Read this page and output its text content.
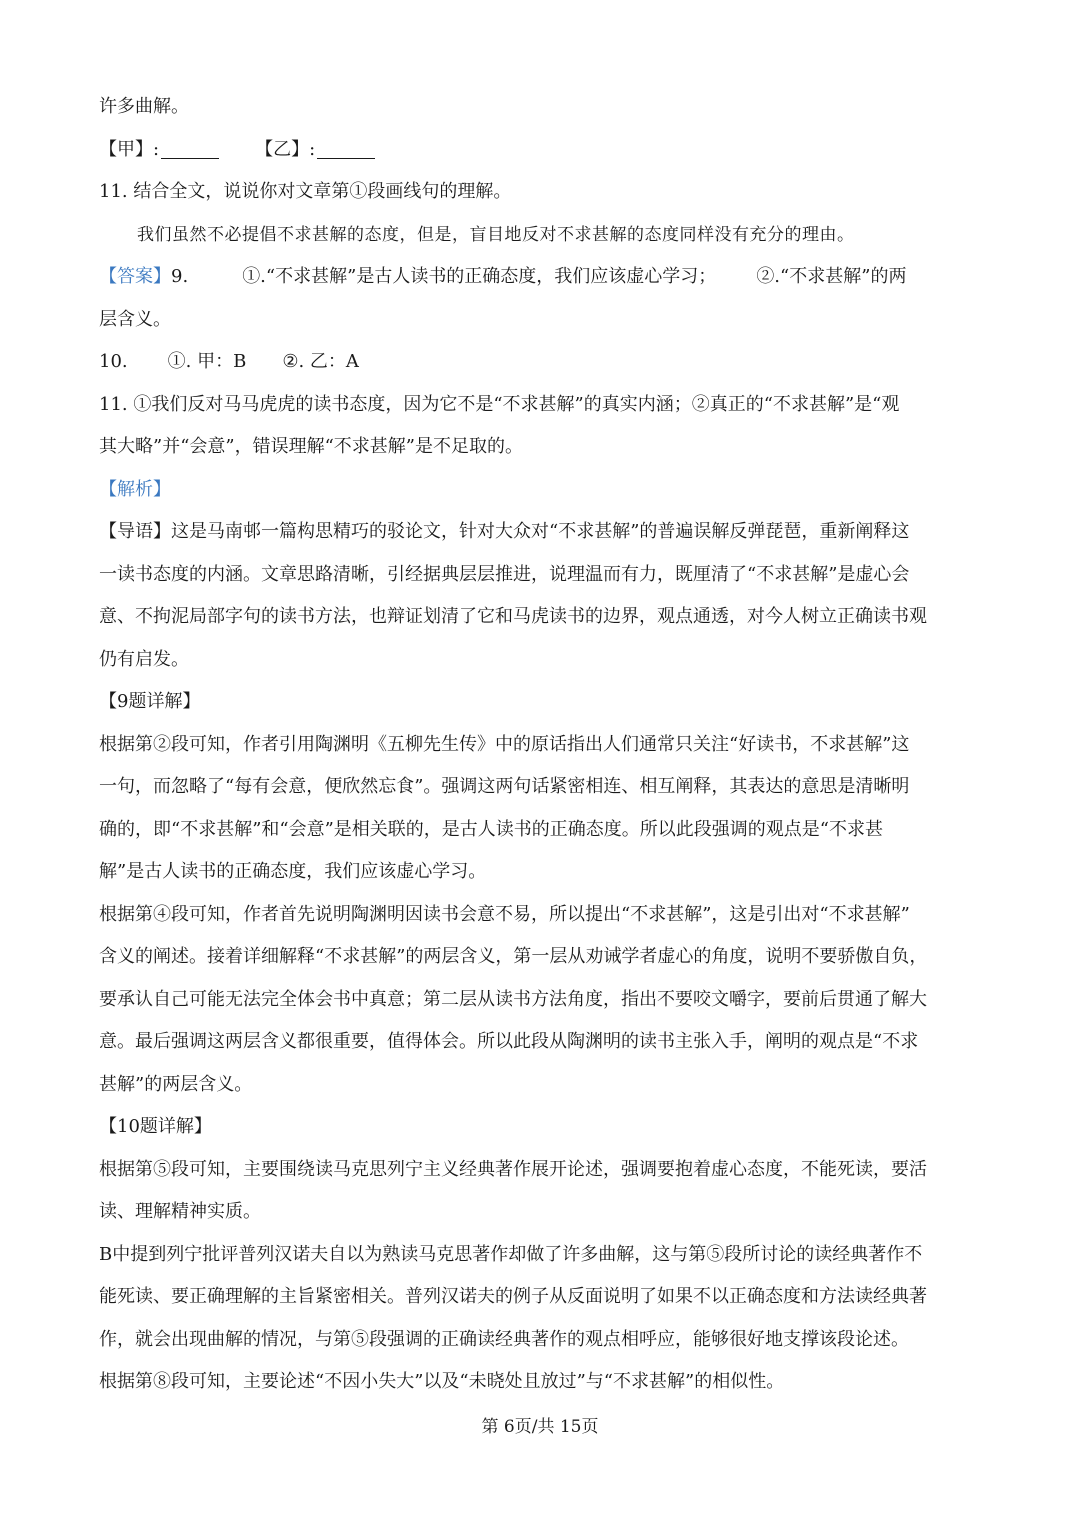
许多曲解。

【甲】:	【乙】:

11. 结合全文，说说你对文章第①段画线句的理解。

我们虽然不必提倡不求甚解的态度，但是，盲目地反对不求甚解的态度同样没有充分的理由。

【答案】9.	①.“不求甚解”是古人读书的正确态度，我们应该虚心学习； ②.“不求甚解”的两

层含义。

10. ①. 甲：B ②. 乙：A

11. ①我们反对马马虎虎的读书态度，因为它不是“不求甚解”的真实内涵；②真正的“不求甚解”是“观

其大略”并“会意”，错误理解“不求甚解”是不足取的。

【解析】

【导语】这是马南邨一篇构思精巧的驳论文，针对大众对“不求甚解”的普遍误解反弹琵琶，重新阐释这

一读书态度的内涵。文章思路清晰，引经据典层层推进，说理温而有力，既厘清了“不求甚解”是虚心会

意、不拘泥局部字句的读书方法，也辩证划清了它和马虎读书的边界，观点通透，对今人树立正确读书观

仍有启发。

【9题详解】

根据第②段可知，作者引用陶渊明《五柳先生传》中的原话指出人们通常只关注“好读书，不求甚解”这

一句，而忽略了“每有会意，便欣然忘食”。强调这两句话紧密相连、相互阐释，其表达的意思是清晰明

确的，即“不求甚解”和“会意”是相关联的，是古人读书的正确态度。所以此段强调的观点是“不求甚

解”是古人读书的正确态度，我们应该虚心学习。

根据第④段可知，作者首先说明陶渊明因读书会意不易，所以提出“不求甚解”，这是引出对“不求甚解”

含义的阐述。接着详细解释“不求甚解”的两层含义，第一层从劝诫学者虚心的角度，说明不要骄傲自负，

要承认自己可能无法完全体会书中真意；第二层从读书方法角度，指出不要咬文嚼字，要前后贯通了解大

意。最后强调这两层含义都很重要，值得体会。所以此段从陶渊明的读书主张入手，阐明的观点是“不求

甚解”的两层含义。

【10题详解】

根据第⑤段可知，主要围绕读马克思列宁主义经典著作展开论述，强调要抱着虚心态度，不能死读，要活

读、理解精神实质。

B中提到列宁批评普列汉诺夫自以为熟读马克思著作却做了许多曲解，这与第⑤段所讨论的读经典著作不

能死读、要正确理解的主旨紧密相关。普列汉诺夫的例子从反面说明了如果不以正确态度和方法读经典著

作，就会出现曲解的情况，与第⑤段强调的正确读经典著作的观点相呼应，能够很好地支撑该段论述。

根据第⑧段可知，主要论述“不因小失大”以及“未晓处且放过”与“不求甚解”的相似性。

第 6页/共 15页
